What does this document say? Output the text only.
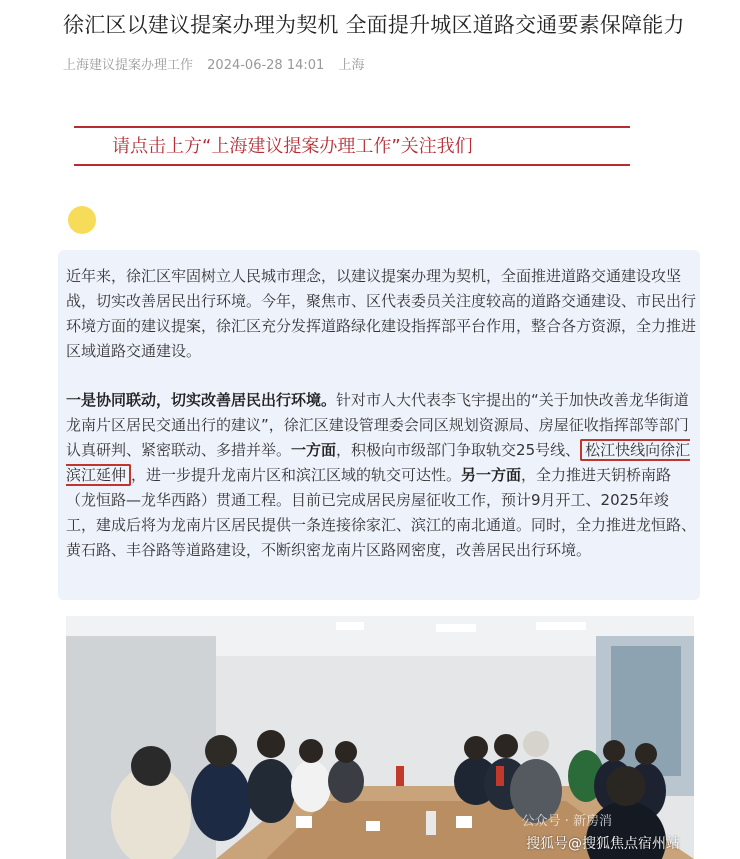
徐汇区以建议提案办理为契机 全面提升城区道路交通要素保障能力
上海建议提案办理工作 2024-06-28 14:01 上海
请点击上方“上海建议提案办理工作”关注我们

近年来，徐汇区牢固树立人民城市理念，以建议提案办理为契机，全面推进道路交通建设攻坚战，切实改善居民出行环境。今年，聚焦市、区代表委员关注度较高的道路交通建设、市民出行环境方面的建议提案，徐汇区充分发挥道路绿化建设指挥部平台作用，整合各方资源，全力推进区域道路交通建设。

一是协同联动，切实改善居民出行环境。针对市人大代表李飞宇提出的“关于加快改善龙华街道龙南片区居民交通出行的建议”，徐汇区建设管理委会同区规划资源局、房屋征收指挥部等部门认真研判、紧密联动、多措并举。一方面，积极向市级部门争取轨交25号线、 松江快线向徐汇滨江延伸 ，进一步提升龙南片区和滨江区域的轨交可达性。另一方面，全力推进天钥桥南路（龙恒路—龙华西路）贯通工程。目前已完成居民房屋征收工作，预计9月开工、2025年竣工，建成后将为龙南片区居民提供一条连接徐家汇、滨江的南北通道。同时，全力推进龙恒路、黄石路、丰谷路等道路建设，不断织密龙南片区路网密度，改善居民出行环境。

公众号 · 新房消
搜狐号@搜狐焦点宿州站
